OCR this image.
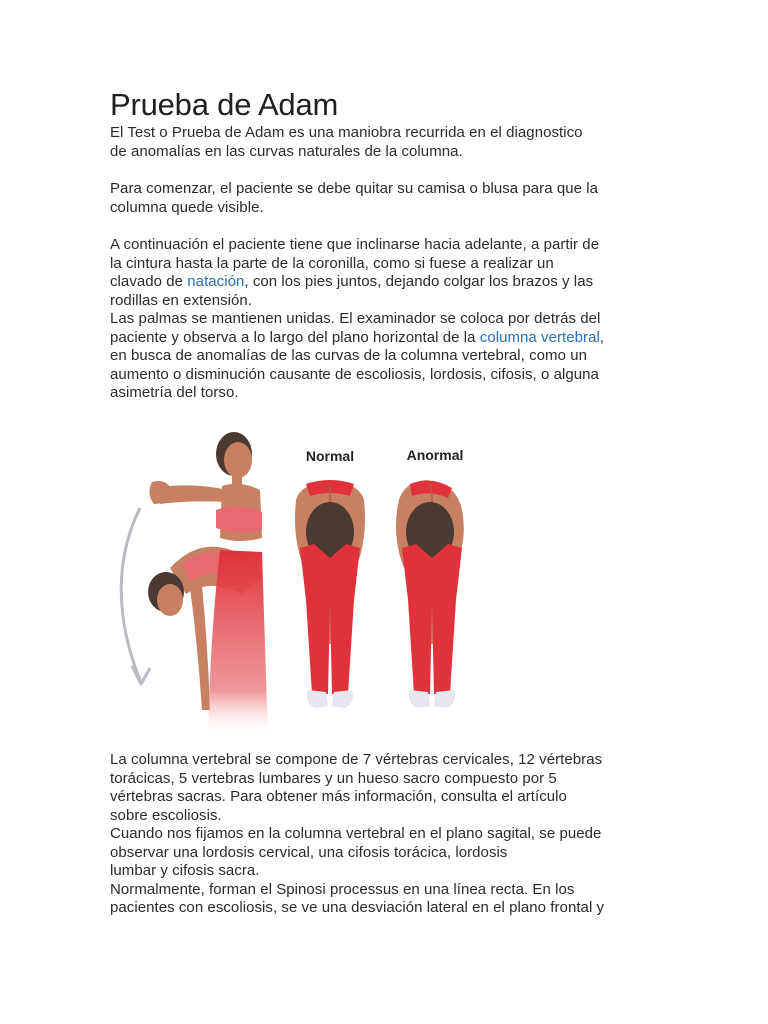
Prueba de Adam

El Test o Prueba de Adam es una maniobra recurrida en el diagnostico
de anomalías en las curvas naturales de la columna.

Para comenzar, el paciente se debe quitar su camisa o blusa para que la
columna quede visible.

A continuación el paciente tiene que inclinarse hacia adelante, a partir de
la cintura hasta la parte de la coronilla, como si fuese a realizar un
clavado de natación, con los pies juntos, dejando colgar los brazos y las
rodillas en extensión.
Las palmas se mantienen unidas. El examinador se coloca por detrás del
paciente y observa a lo largo del plano horizontal de la columna vertebral,
en busca de anomalías de las curvas de la columna vertebral, como un
aumento o disminución causante de escoliosis, lordosis, cifosis, o alguna
asimetría del torso.

Normal	Anormal

La columna vertebral se compone de 7 vértebras cervicales, 12 vértebras
torácicas, 5 vertebras lumbares y un hueso sacro compuesto por 5
vértebras sacras. Para obtener más información, consulta el artículo
sobre escoliosis.
Cuando nos fijamos en la columna vertebral en el plano sagital, se puede
observar una lordosis cervical, una cifosis torácica, lordosis
lumbar y cifosis sacra.
Normalmente, forman el Spinosi processus en una línea recta. En los
pacientes con escoliosis, se ve una desviación lateral en el plano frontal y
